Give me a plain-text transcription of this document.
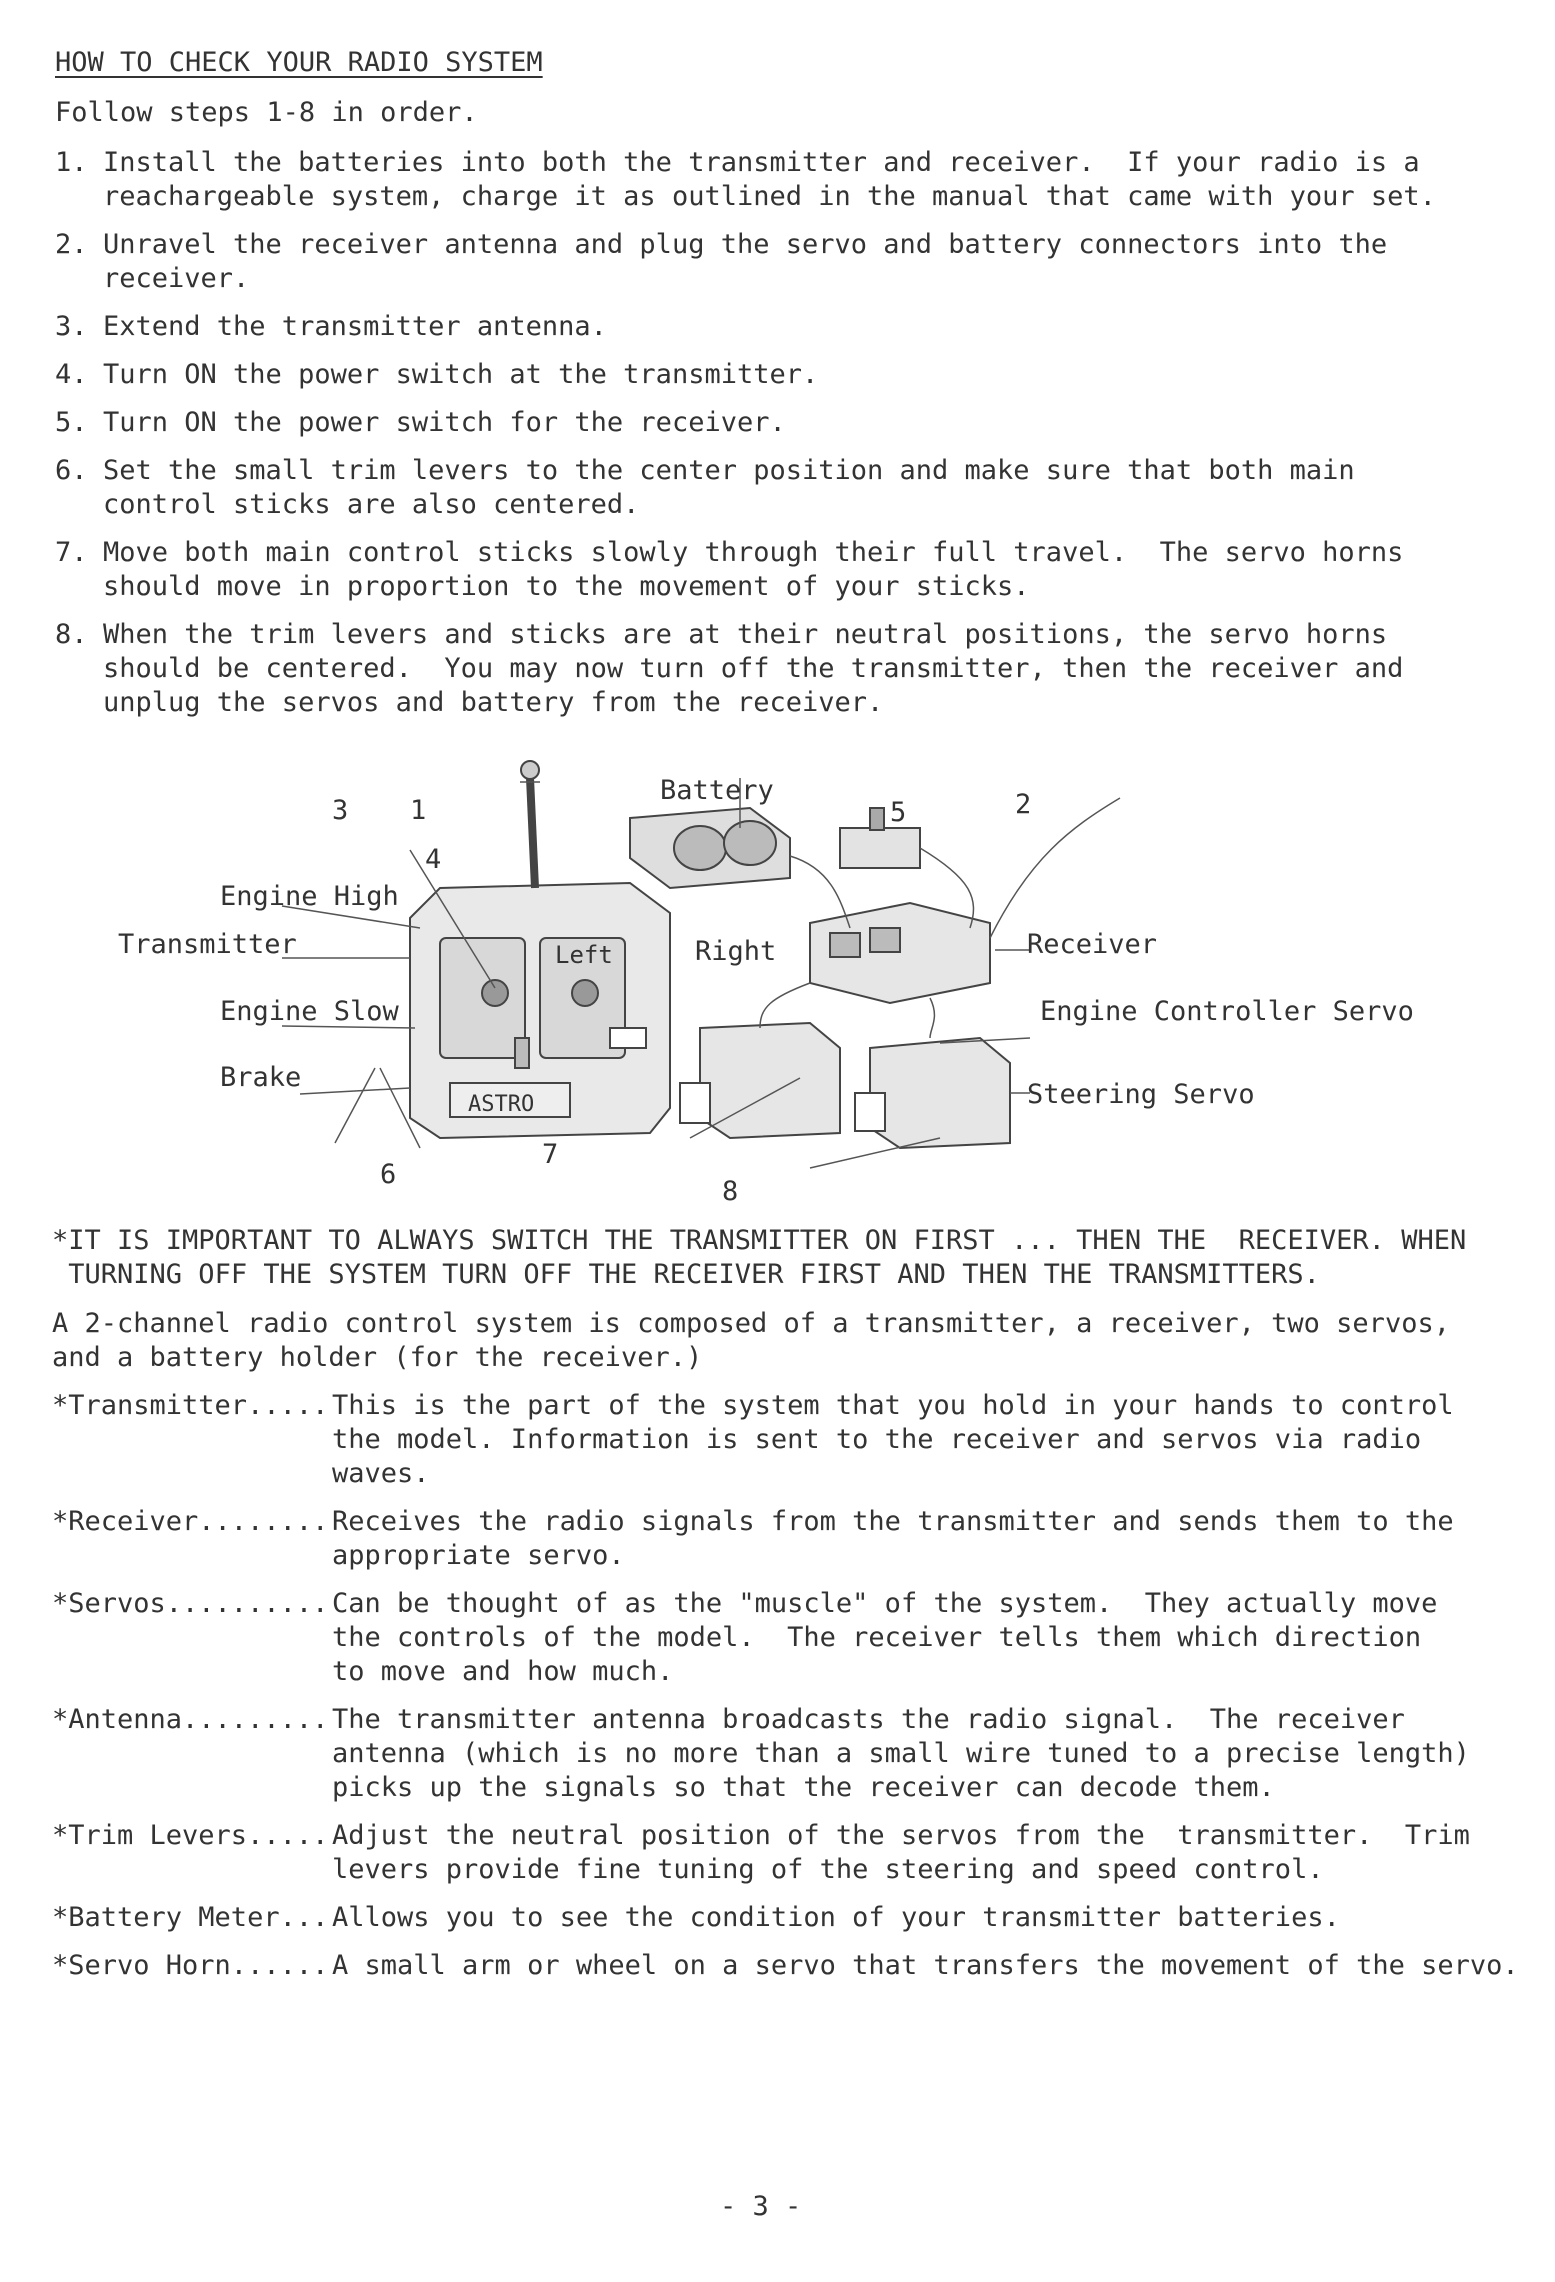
HOW TO CHECK YOUR RADIO SYSTEM

Follow steps 1-8 in order.

1. Install the batteries into both the transmitter and receiver.  If your radio is a
reachargeable system, charge it as outlined in the manual that came with your set.
2. Unravel the receiver antenna and plug the servo and battery connectors into the
receiver.
3. Extend the transmitter antenna.
4. Turn ON the power switch at the transmitter.
5. Turn ON the power switch for the receiver.
6. Set the small trim levers to the center position and make sure that both main
control sticks are also centered.
7. Move both main control sticks slowly through their full travel.  The servo horns
should move in proportion to the movement of your sticks.
8. When the trim levers and sticks are at their neutral positions, the servo horns
should be centered.  You may now turn off the transmitter, then the receiver and
unplug the servos and battery from the receiver.
ASTRO
3 1
Battery
5	2
4
Engine High
Transmitter	Left	Right	Receiver
Engine Slow	Engine Controller Servo
Brake
Steering Servo
6
7
8

*IT IS IMPORTANT TO ALWAYS SWITCH THE TRANSMITTER ON FIRST ... THEN THE  RECEIVER. WHEN
TURNING OFF THE SYSTEM TURN OFF THE RECEIVER FIRST AND THEN THE TRANSMITTERS.

A 2-channel radio control system is composed of a transmitter, a receiver, two servos,
and a battery holder (for the receiver.)

*Transmitter..... This is the part of the system that you hold in your hands to control
the model. Information is sent to the receiver and servos via radio
waves.
*Receiver........ Receives the radio signals from the transmitter and sends them to the
appropriate servo.
*Servos.......... Can be thought of as the "muscle" of the system.  They actually move
the controls of the model.  The receiver tells them which direction
to move and how much.
*Antenna......... The transmitter antenna broadcasts the radio signal.  The receiver
antenna (which is no more than a small wire tuned to a precise length)
picks up the signals so that the receiver can decode them.
*Trim Levers..... Adjust the neutral position of the servos from the  transmitter.  Trim
levers provide fine tuning of the steering and speed control.
*Battery Meter... Allows you to see the condition of your transmitter batteries.
*Servo Horn...... A small arm or wheel on a servo that transfers the movement of the servo.

- 3 -
